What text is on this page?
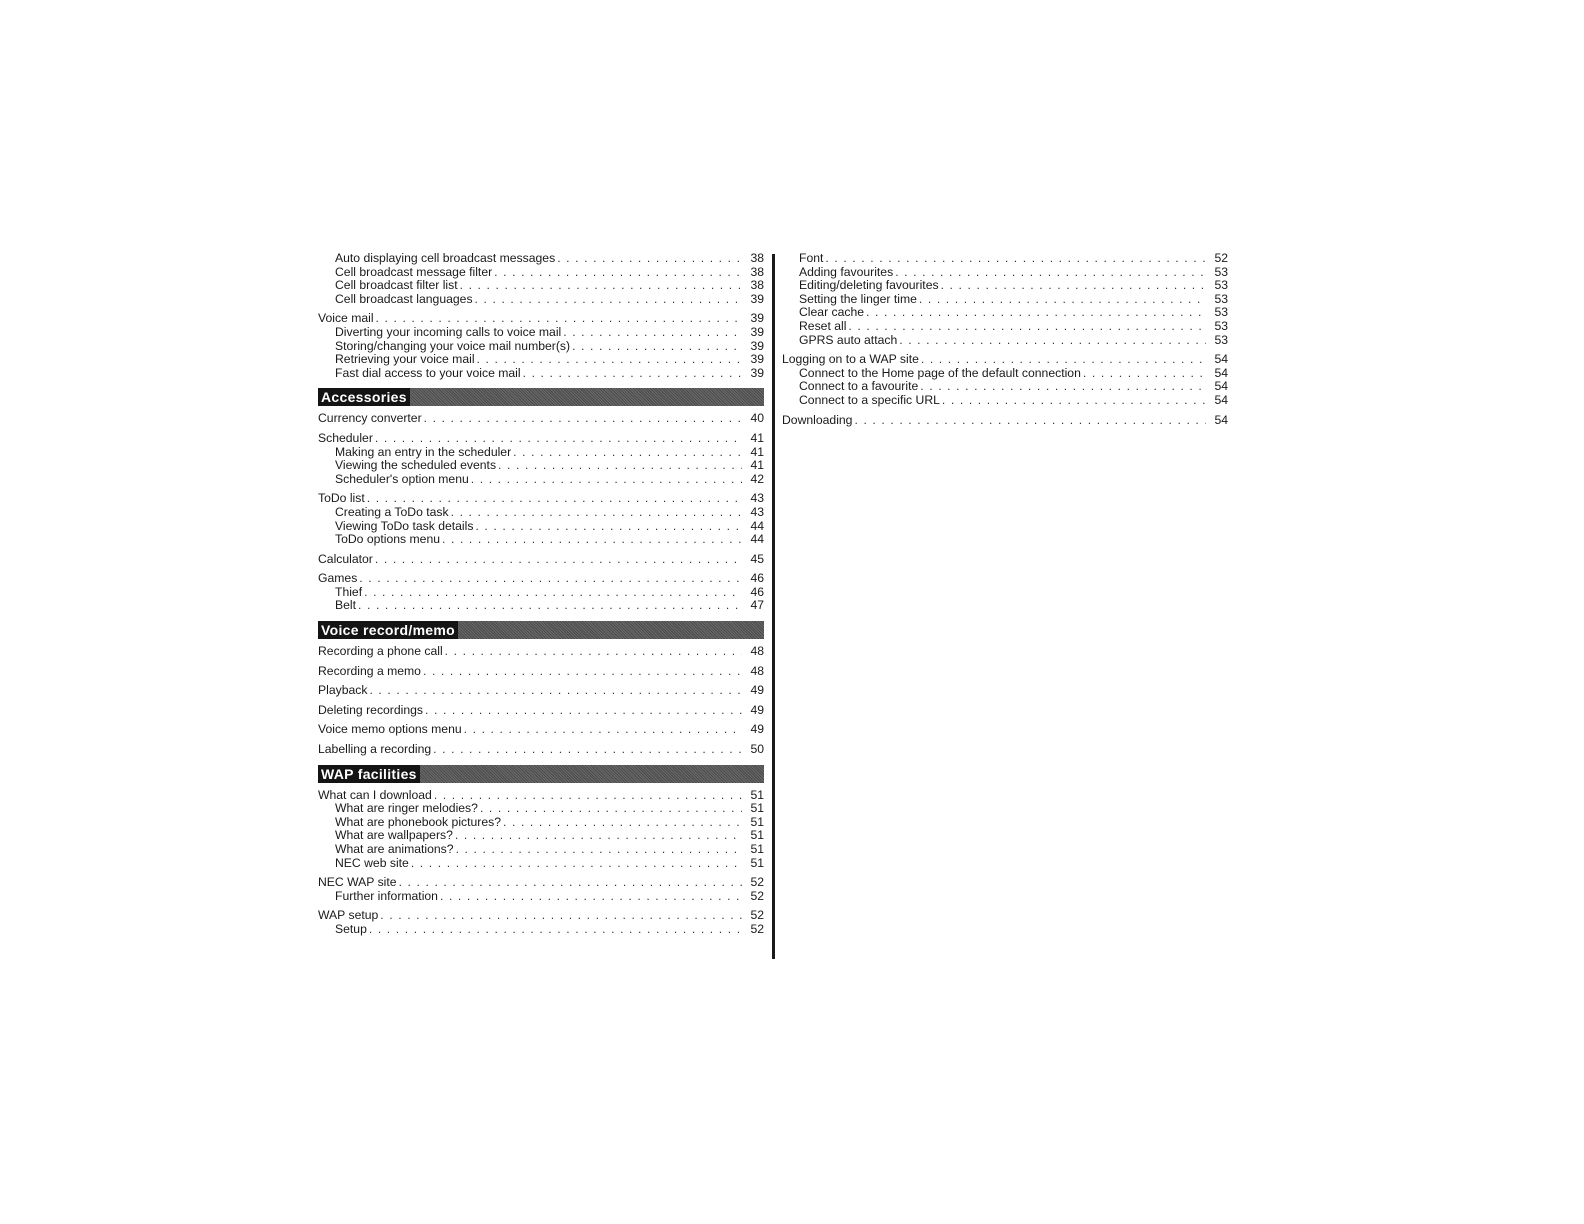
Auto displaying cell broadcast messages . . .	38
Cell broadcast message filter . . .	38
Cell broadcast filter list . . .	38
Cell broadcast languages . . .	39
Voice mail . . .	39
Diverting your incoming calls to voice mail . . .	39
Storing/changing your voice mail number(s) . . .	39
Retrieving your voice mail . . .	39
Fast dial access to your voice mail . . .	39
Accessories
Currency converter . . .	40
Scheduler . . .	41
Making an entry in the scheduler . . .	41
Viewing the scheduled events . . .	41
Scheduler's option menu . . .	42
ToDo list . . .	43
Creating a ToDo task . . .	43
Viewing ToDo task details . . .	44
ToDo options menu . . .	44
Calculator . . .	45
Games . . .	46
Thief . . .	46
Belt . . .	47
Voice record/memo
Recording a phone call . . .	48
Recording a memo . . .	48
Playback . . .	49
Deleting recordings . . .	49
Voice memo options menu . . .	49
Labelling a recording . . .	50
WAP facilities
What can I download . . .	51
What are ringer melodies? . . .	51
What are phonebook pictures? . . .	51
What are wallpapers? . . .	51
What are animations? . . .	51
NEC web site . . .	51
NEC WAP site . . .	52
Further information . . .	52
WAP setup . . .	52
Setup . . .	52
Font . . .	52
Adding favourites . . .	53
Editing/deleting favourites . . .	53
Setting the linger time . . .	53
Clear cache . . .	53
Reset all . . .	53
GPRS auto attach . . .	53
Logging on to a WAP site . . .	54
Connect to the Home page of the default connection . . .	54
Connect to a favourite . . .	54
Connect to a specific URL . . .	54
Downloading . . .	54
